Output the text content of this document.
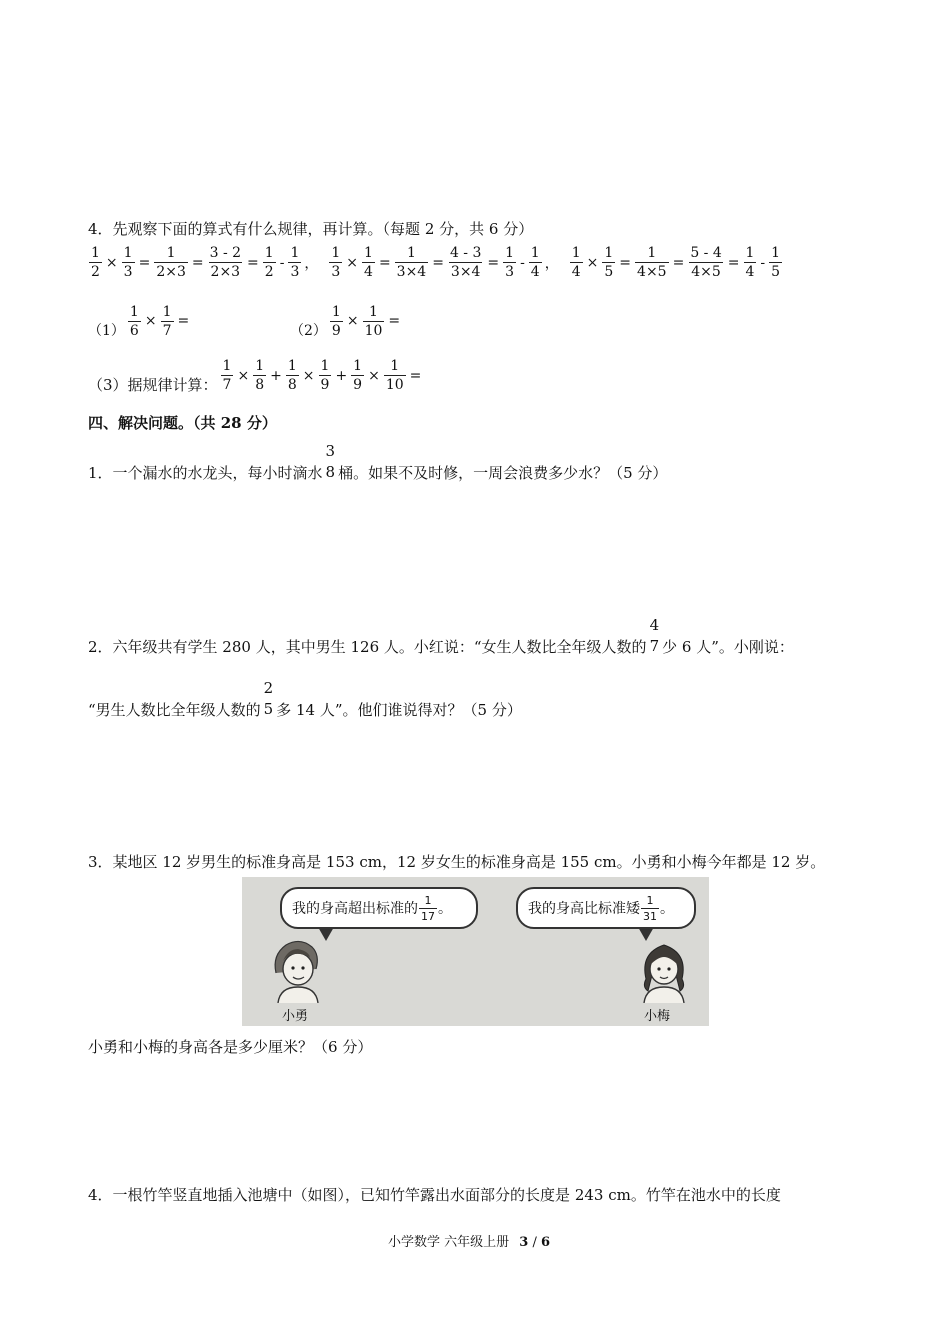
4．先观察下面的算式有什么规律，再计算。（每题 2 分，共 6 分）
$\frac{1}{2} \times \frac{1}{3} = \frac{1}{2\times 3} = \frac{3 - 2}{2\times 3} = \frac{1}{2} - \frac{1}{3}$ ， $\frac{1}{3} \times \frac{1}{4} = \frac{1}{3\times 4} = \frac{4 - 3}{3\times 4} = \frac{1}{3} - \frac{1}{4}$ ， $\frac{1}{4} \times \frac{1}{5} = \frac{1}{4\times 5} = \frac{5 - 4}{4\times 5} = \frac{1}{4} - \frac{1}{5}$
$(1) \frac{1}{6} \times \frac{1}{7}$ =
$(2) \frac{1}{9} \times \frac{1}{10}$ =
（3）据规律计算： $\frac{1}{7} \times \frac{1}{8} + \frac{1}{8} \times \frac{1}{9} + \frac{1}{9} \times \frac{1}{10}$ =
四、解决问题。（共 28 分）
1．一个漏水的水龙头，每小时滴水
3
8 桶。如果不及时修，一周会浪费多少水？（5 分）
2．六年级共有学生 280 人，其中男生 126 人。小红说：“女生人数比全年级人数的
4
7 少 6 人”。小刚说：
“男生人数比全年级人数的
2
5 多 14 人”。他们谁说得对？（5 分）
3．某地区 12 岁男生的标准身高是 153 cm，12 岁女生的标准身高是 155 cm。小勇和小梅今年都是 12 岁。
我的身高超出标准的 $\frac{1}{17}$ 。	我的身高比标准矮 $\frac{1}{31}$ 。
小勇	小梅
小勇和小梅的身高各是多少厘米？（6 分）
4．一根竹竿竖直地插入池塘中（如图），已知竹竿露出水面部分的长度是 243 cm。竹竿在池水中的长度
小学数学 六年级上册 3 / 6
